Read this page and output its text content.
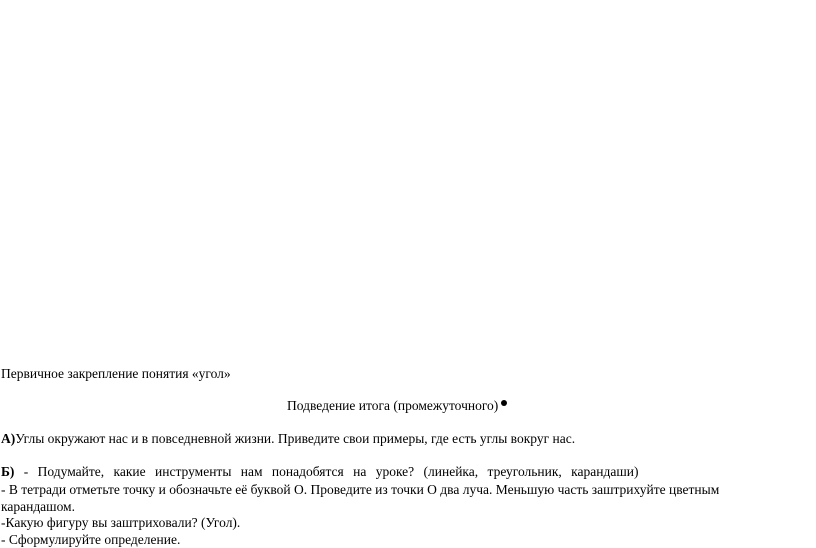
Первичное закрепление понятия «угол»
Подведение итога (промежуточного)
А)Углы окружают нас и в повседневной жизни. Приведите свои примеры, где есть углы вокруг нас.
Б) - Подумайте, какие инструменты нам понадобятся на уроке? (линейка, треугольник, карандаши)
- В тетради отметьте точку и обозначьте её буквой О. Проведите из точки О два луча. Меньшую часть заштрихуйте цветным
карандашом.
-Какую фигуру вы заштриховали? (Угол).
- Сформулируйте определение.
